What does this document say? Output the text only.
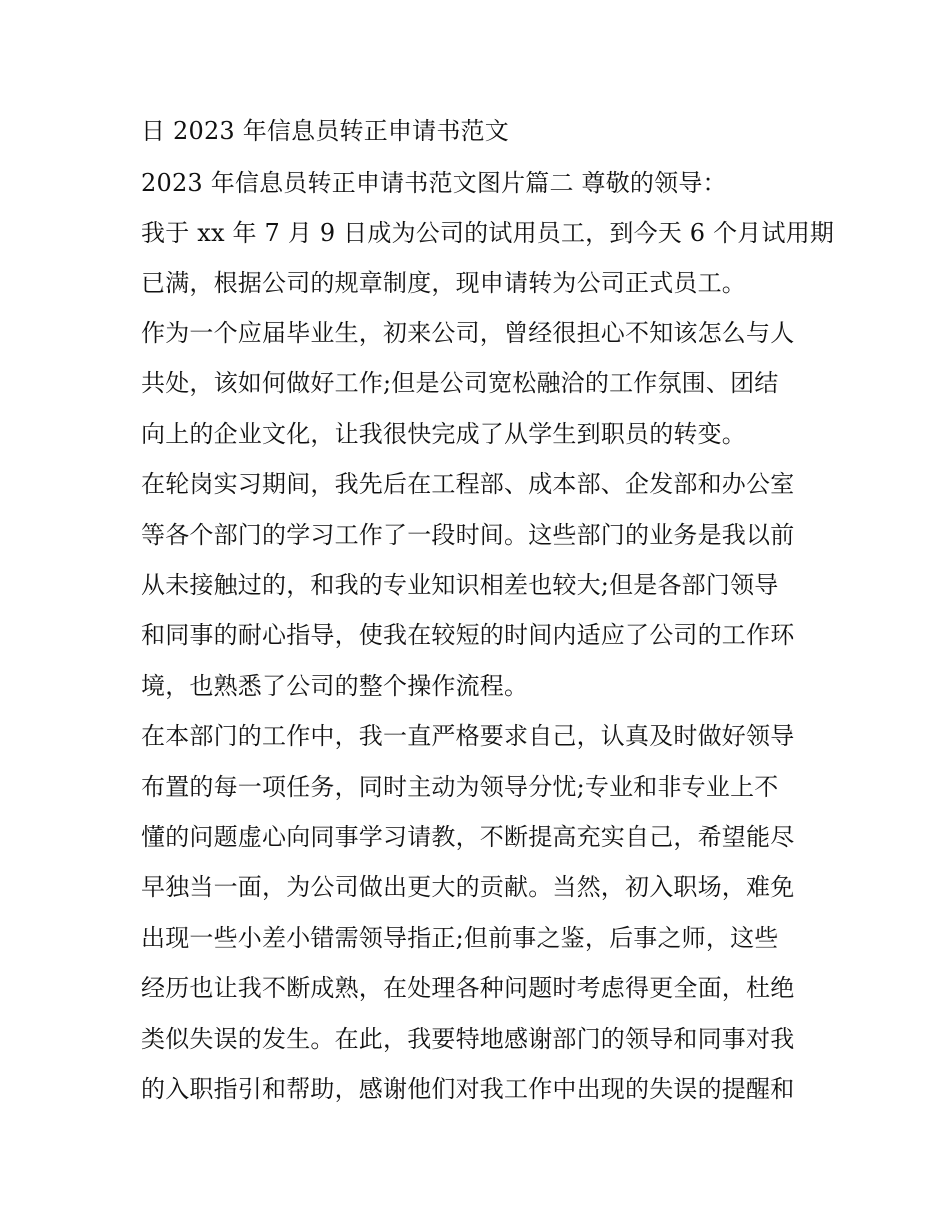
日 2023 年信息员转正申请书范文

2023 年信息员转正申请书范文图片篇二 尊敬的领导：

我于 xx 年 7 月 9 日成为公司的试用员工，到今天 6 个月试用期

已满，根据公司的规章制度，现申请转为公司正式员工。

作为一个应届毕业生，初来公司，曾经很担心不知该怎么与人

共处，该如何做好工作;但是公司宽松融洽的工作氛围、团结

向上的企业文化，让我很快完成了从学生到职员的转变。

在轮岗实习期间，我先后在工程部、成本部、企发部和办公室

等各个部门的学习工作了一段时间。这些部门的业务是我以前

从未接触过的，和我的专业知识相差也较大;但是各部门领导

和同事的耐心指导，使我在较短的时间内适应了公司的工作环

境，也熟悉了公司的整个操作流程。

在本部门的工作中，我一直严格要求自己，认真及时做好领导

布置的每一项任务，同时主动为领导分忧;专业和非专业上不

懂的问题虚心向同事学习请教，不断提高充实自己，希望能尽

早独当一面，为公司做出更大的贡献。当然，初入职场，难免

出现一些小差小错需领导指正;但前事之鉴，后事之师，这些

经历也让我不断成熟，在处理各种问题时考虑得更全面，杜绝

类似失误的发生。在此，我要特地感谢部门的领导和同事对我

的入职指引和帮助，感谢他们对我工作中出现的失误的提醒和
